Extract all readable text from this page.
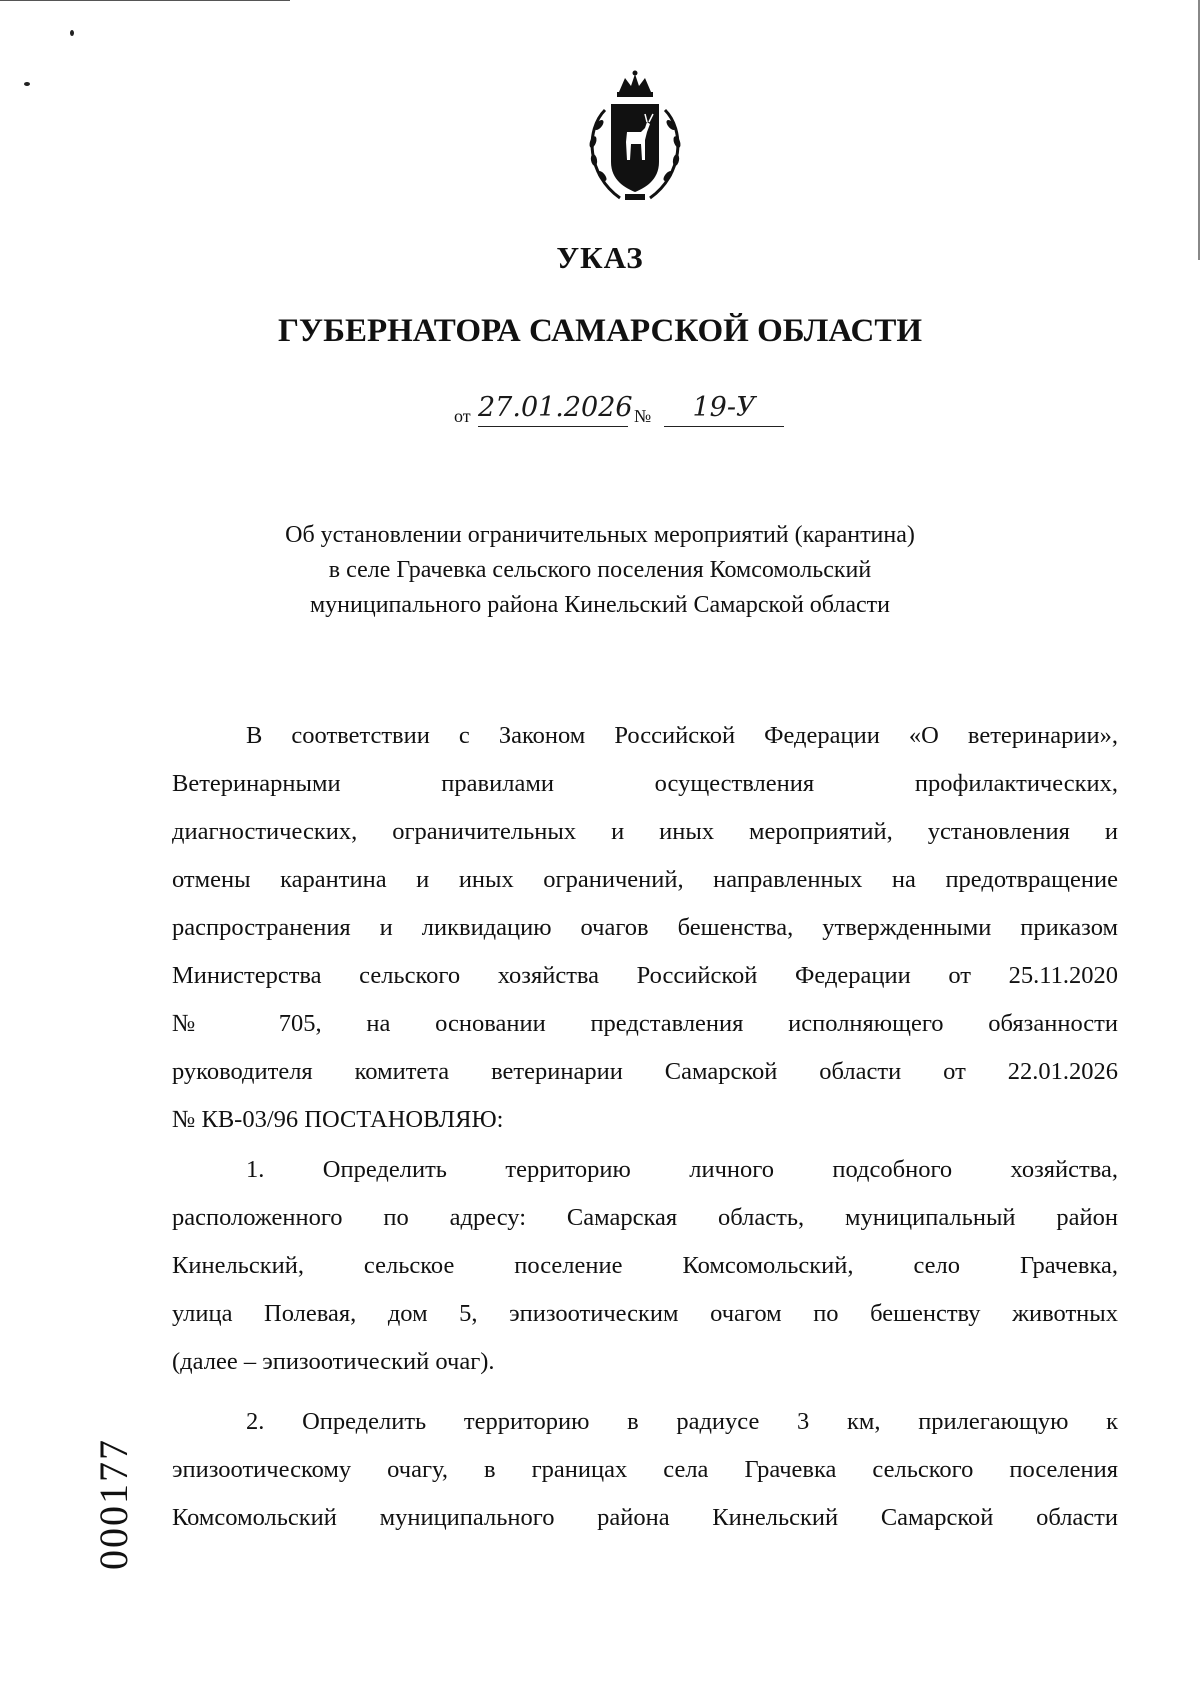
УКАЗ
ГУБЕРНАТОРА САМАРСКОЙ ОБЛАСТИ
от 27.01.2026 №	19-У
Об установлении ограничительных мероприятий (карантина)
в селе Грачевка сельского поселения Комсомольский
муниципального района Кинельский Самарской области
В соответствии с Законом Российской Федерации «О ветеринарии»,
Ветеринарными правилами осуществления профилактических,
диагностических, ограничительных и иных мероприятий, установления и
отмены карантина и иных ограничений, направленных на предотвращение
распространения и ликвидацию очагов бешенства, утвержденными приказом
Министерства сельского хозяйства Российской Федерации от 25.11.2020
№ 705, на основании представления исполняющего обязанности
руководителя комитета ветеринарии Самарской области от 22.01.2026
№ КВ-03/96 ПОСТАНОВЛЯЮ:
1. Определить территорию личного подсобного хозяйства,
расположенного по адресу: Самарская область, муниципальный район
Кинельский, сельское поселение Комсомольский, село Грачевка,
улица Полевая, дом 5, эпизоотическим очагом по бешенству животных
(далее – эпизоотический очаг).
2. Определить территорию в радиусе 3 км, прилегающую к
эпизоотическому очагу, в границах села Грачевка сельского поселения
Комсомольский муниципального района Кинельский Самарской области
000177
